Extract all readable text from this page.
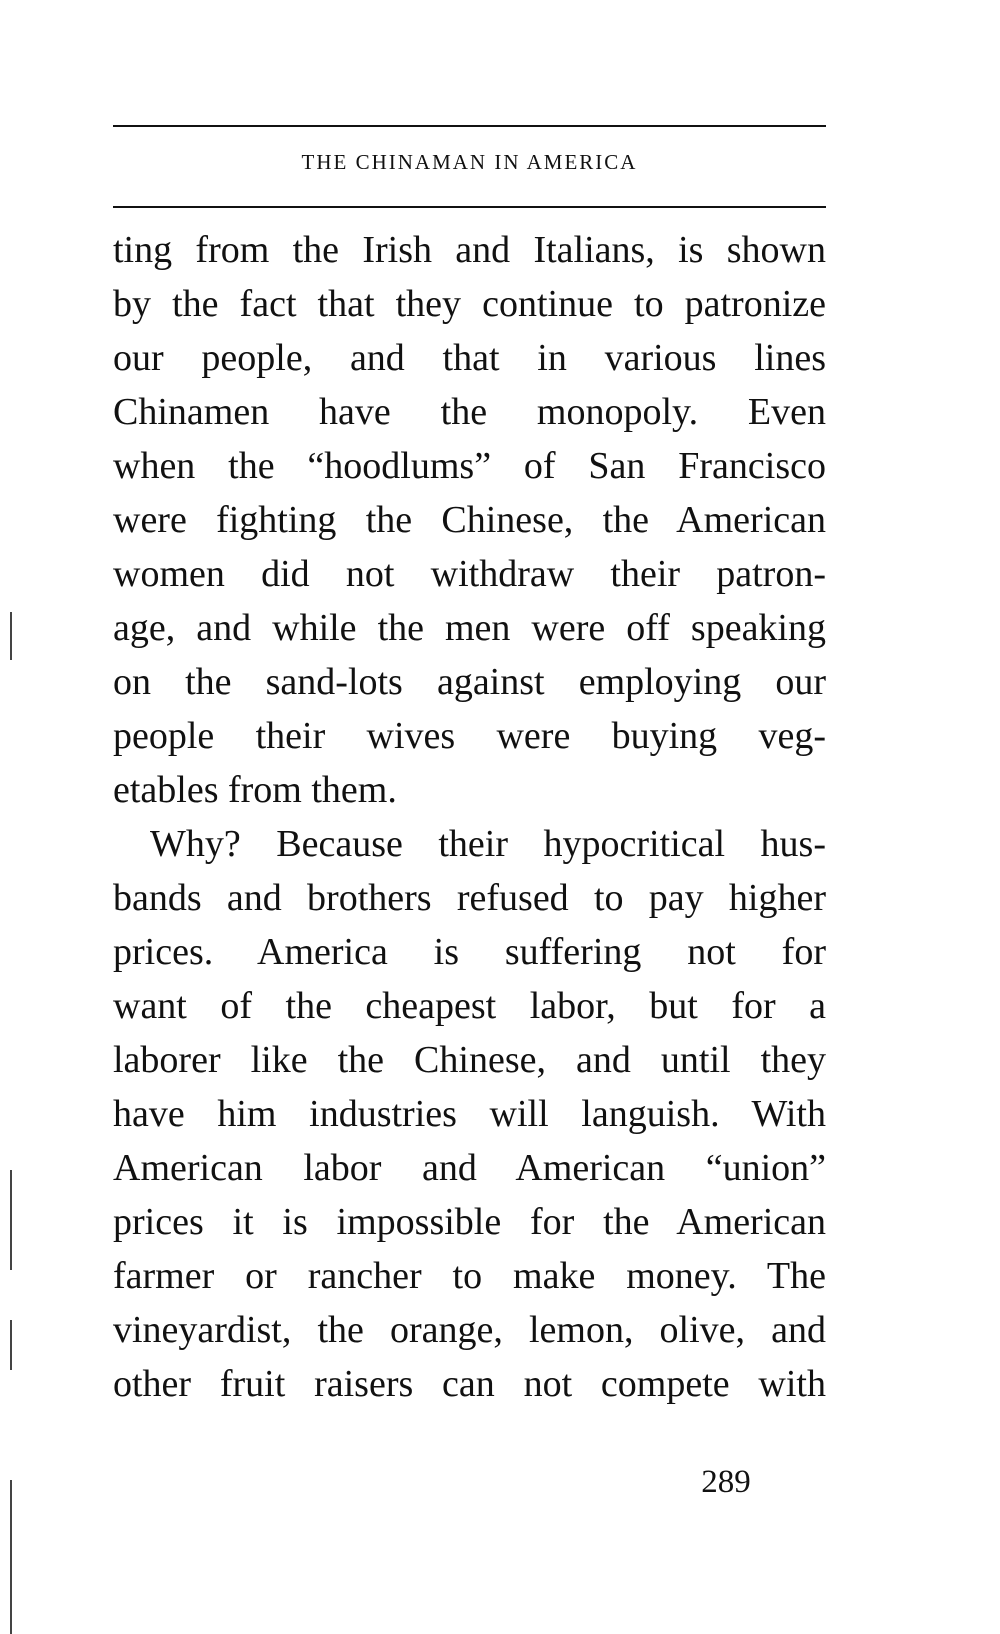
THE CHINAMAN IN AMERICA
ting from the Irish and Italians, is shown
by the fact that they continue to patronize
our people, and that in various lines
Chinamen have the monopoly. Even
when the “hoodlums” of San Francisco
were fighting the Chinese, the American
women did not withdraw their patron-
age, and while the men were off speaking
on the sand-lots against employing our
people their wives were buying veg-
etables from them.
Why? Because their hypocritical hus-
bands and brothers refused to pay higher
prices. America is suffering not for
want of the cheapest labor, but for a
laborer like the Chinese, and until they
have him industries will languish. With
American labor and American “union”
prices it is impossible for the American
farmer or rancher to make money. The
vineyardist, the orange, lemon, olive, and
other fruit raisers can not compete with
289
